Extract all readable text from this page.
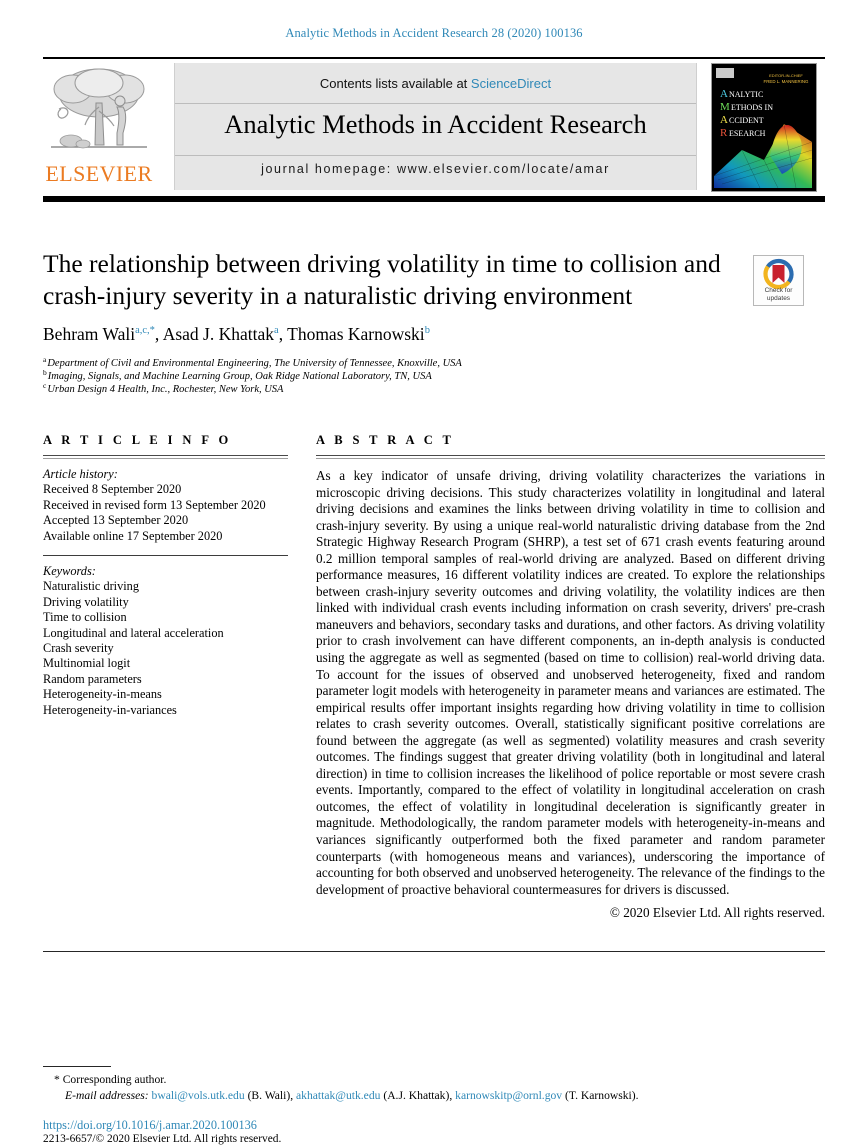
Analytic Methods in Accident Research 28 (2020) 100136
ELSEVIER
Contents lists available at ScienceDirect
Analytic Methods in Accident Research
journal homepage: www.elsevier.com/locate/amar
EDITOR-IN-CHIEF
FRED L. MANNERING
A NALYTIC
M ETHODS IN
A CCIDENT
R ESEARCH
The relationship between driving volatility in time to collision and crash-injury severity in a naturalistic driving environment	Check for
updates
Behram Wali$^{a,c,*}$, Asad J. Khattak$^a$, Thomas Karnowski$^b$
$^a$Department of Civil and Environmental Engineering, The University of Tennessee, Knoxville, USA
$^b$Imaging, Signals, and Machine Learning Group, Oak Ridge National Laboratory, TN, USA
$^c$Urban Design 4 Health, Inc., Rochester, New York, USA
A R T I C L E I N F O
Article history:
Received 8 September 2020
Received in revised form 13 September 2020
Accepted 13 September 2020
Available online 17 September 2020
Keywords:
Naturalistic driving
Driving volatility
Time to collision
Longitudinal and lateral acceleration
Crash severity
Multinomial logit
Random parameters
Heterogeneity-in-means
Heterogeneity-in-variances
A B S T R A C T
As a key indicator of unsafe driving, driving volatility characterizes the variations in microscopic driving decisions. This study characterizes volatility in longitudinal and lateral driving decisions and examines the links between driving volatility in time to collision and crash-injury severity. By using a unique real-world naturalistic driving database from the 2nd Strategic Highway Research Program (SHRP), a test set of 671 crash events featuring around 0.2 million temporal samples of real-world driving are analyzed. Based on different driving performance measures, 16 different volatility indices are created. To explore the relationships between crash-injury severity outcomes and driving volatility, the volatility indices are then linked with individual crash events including information on crash severity, drivers' pre-crash maneuvers and behaviors, secondary tasks and durations, and other factors. As driving volatility prior to crash involvement can have different components, an in-depth analysis is conducted using the aggregate as well as segmented (based on time to collision) real-world driving data. To account for the issues of observed and unobserved heterogeneity, fixed and random parameter logit models with heterogeneity in parameter means and variances are estimated. The empirical results offer important insights regarding how driving volatility in time to collision relates to crash severity outcomes. Overall, statistically significant positive correlations are found between the aggregate (as well as segmented) volatility measures and crash severity outcomes. The findings suggest that greater driving volatility (both in longitudinal and lateral direction) in time to collision increases the likelihood of police reportable or most severe crash events. Importantly, compared to the effect of volatility in longitudinal acceleration on crash outcomes, the effect of volatility in longitudinal deceleration is significantly greater in magnitude. Methodologically, the random parameter models with heterogeneity-in-means and variances significantly outperformed both the fixed parameter and random parameter counterparts (with homogeneous means and variances), underscoring the importance of accounting for both observed and unobserved heterogeneity. The relevance of the findings to the development of proactive behavioral countermeasures for drivers is discussed.
© 2020 Elsevier Ltd. All rights reserved.
* Corresponding author.
E-mail addresses: bwali@vols.utk.edu (B. Wali), akhattak@utk.edu (A.J. Khattak), karnowskitp@ornl.gov (T. Karnowski).
https://doi.org/10.1016/j.amar.2020.100136
2213-6657/© 2020 Elsevier Ltd. All rights reserved.
